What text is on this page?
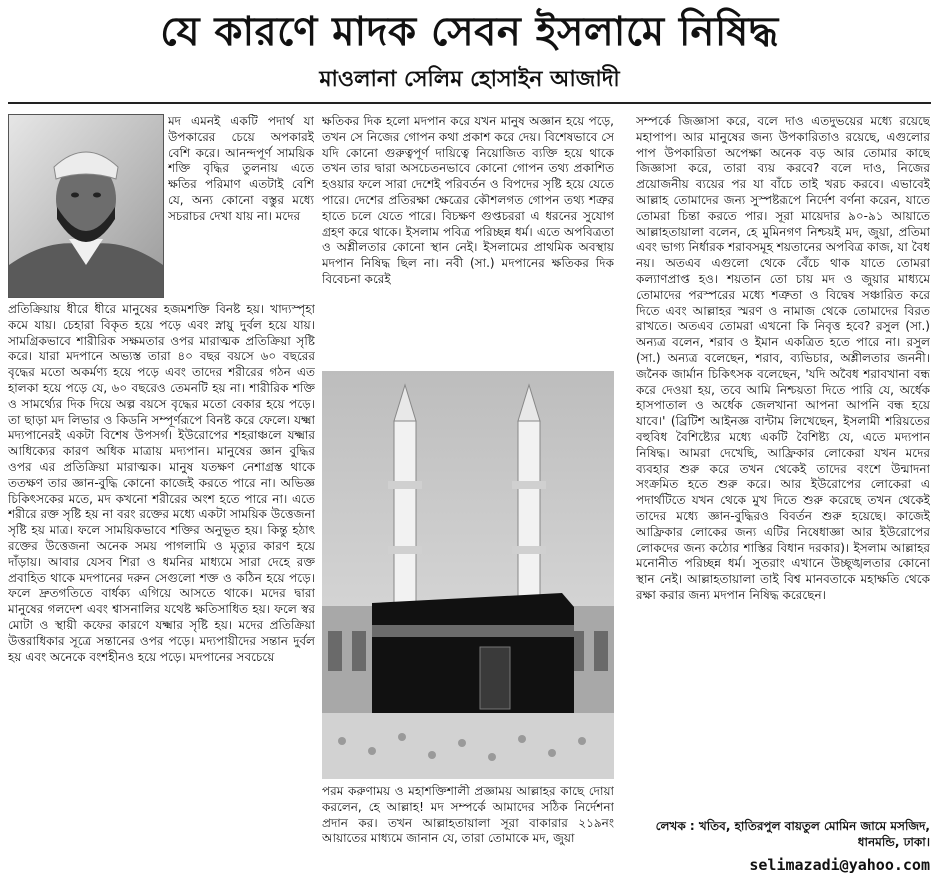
যে কারণে মাদক সেবন ইসলামে নিষিদ্ধ
মাওলানা সেলিম হোসাইন আজাদী
মদ এমনই একটি পদার্থ যা উপকারের চেয়ে অপকারই বেশি করে। আনন্দপূর্ণ সাময়িক শক্তি বৃদ্ধির তুলনায় এতে ক্ষতির পরিমাণ এতটাই বেশি যে, অন্য কোনো বস্তুর মধ্যে সচরাচর দেখা যায় না। মদের
প্রতিক্রিয়ায় ধীরে ধীরে মানুষের হজমশক্তি বিনষ্ট হয়। খাদ্যস্পৃহা কমে যায়। চেহারা বিকৃত হয়ে পড়ে এবং স্নায়ু দুর্বল হয়ে যায়। সামগ্রিকভাবে শারীরিক সক্ষমতার ওপর মারাত্মক প্রতিক্রিয়া সৃষ্টি করে। যারা মদপানে অভ্যস্ত তারা ৪০ বছর বয়সে ৬০ বছরের বৃদ্ধের মতো অকর্মণ্য হয়ে পড়ে এবং তাদের শরীরের গঠন এত হালকা হয়ে পড়ে যে, ৬০ বছরেও তেমনটি হয় না। শারীরিক শক্তি ও সামর্থ্যের দিক দিয়ে অল্প বয়সে বৃদ্ধের মতো বেকার হয়ে পড়ে। তা ছাড়া মদ লিভার ও কিডনি সম্পূর্ণরূপে বিনষ্ট করে ফেলে। যক্ষ্মা মদ্যপানেরই একটা বিশেষ উপসর্গ। ইউরোপের শহরাঞ্চলে যক্ষ্মার আধিক্যের কারণ অধিক মাত্রায় মদ্যপান। মানুষের জ্ঞান বুদ্ধির ওপর এর প্রতিক্রিয়া মারাত্মক। মানুষ যতক্ষণ নেশাগ্রস্ত থাকে ততক্ষণ তার জ্ঞান-বুদ্ধি কোনো কাজেই করতে পারে না। অভিজ্ঞ চিকিৎসকের মতে, মদ কখনো শরীরের অংশ হতে পারে না। এতে শরীরে রক্ত সৃষ্টি হয় না বরং রক্তের মধ্যে একটা সাময়িক উত্তেজনা সৃষ্টি হয় মাত্র। ফলে সাময়িকভাবে শক্তির অনুভূত হয়। কিন্তু হঠাৎ রক্তের উত্তেজনা অনেক সময় পাগলামি ও মৃত্যুর কারণ হয়ে দাঁড়ায়। আবার যেসব শিরা ও ধমনির মাধ্যমে সারা দেহে রক্ত প্রবাহিত থাকে মদপানের দরুন সেগুলো শক্ত ও কঠিন হয়ে পড়ে। ফলে দ্রুতগতিতে বার্ধক্য এগিয়ে আসতে থাকে। মদের দ্বারা মানুষের গলদেশ এবং শ্বাসনালির যথেষ্ট ক্ষতিসাধিত হয়। ফলে স্বর মোটা ও স্থায়ী কফের কারণে যক্ষ্মার সৃষ্টি হয়। মদের প্রতিক্রিয়া উত্তরাধিকার সূত্রে সন্তানের ওপর পড়ে। মদ্যপায়ীদের সন্তান দুর্বল হয় এবং অনেকে বংশহীনও হয়ে পড়ে। মদপানের সবচেয়ে
ক্ষতিকর দিক হলো মদপান করে যখন মানুষ অজ্ঞান হয়ে পড়ে, তখন সে নিজের গোপন কথা প্রকাশ করে দেয়। বিশেষভাবে সে যদি কোনো গুরুত্বপূর্ণ দায়িত্বে নিয়োজিত ব্যক্তি হয়ে থাকে তখন তার দ্বারা অসচেতনভাবে কোনো গোপন তথ্য প্রকাশিত হওয়ার ফলে সারা দেশেই পরিবর্তন ও বিপদের সৃষ্টি হয়ে যেতে পারে। দেশের প্রতিরক্ষা ক্ষেত্রের কৌশলগত গোপন তথ্য শত্রুর হাতে চলে যেতে পারে। বিচক্ষণ গুপ্তচররা এ ধরনের সুযোগ গ্রহণ করে থাকে। ইসলাম পবিত্র পরিচ্ছন্ন ধর্ম। এতে অপবিত্রতা ও অশ্লীলতার কোনো স্থান নেই। ইসলামের প্রাথমিক অবস্থায় মদপান নিষিদ্ধ ছিল না। নবী (সা.) মদপানের ক্ষতিকর দিক বিবেচনা করেই
পরম করুণাময় ও মহাশক্তিশালী প্রজ্ঞাময় আল্লাহর কাছে দোয়া করলেন, হে আল্লাহ! মদ সম্পর্কে আমাদের সঠিক নির্দেশনা প্রদান কর। তখন আল্লাহতায়ালা সূরা বাকারার ২১৯নং আয়াতের মাধ্যমে জানান যে, তারা তোমাকে মদ, জুয়া
সম্পর্কে জিজ্ঞাসা করে, বলে দাও এতদুভয়ের মধ্যে রয়েছে মহাপাপ। আর মানুষের জন্য উপকারিতাও রয়েছে, এগুলোর পাপ উপকারিতা অপেক্ষা অনেক বড় আর তোমার কাছে জিজ্ঞাসা করে, তারা ব্যয় করবে? বলে দাও, নিজের প্রয়োজনীয় ব্যয়ের পর যা বাঁচে তাই খরচ করবে। এভাবেই আল্লাহ তোমাদের জন্য সুস্পষ্টরূপে নির্দেশ বর্ণনা করেন, যাতে তোমরা চিন্তা করতে পার। সূরা মায়েদার ৯০-৯১ আয়াতে আল্লাহতায়ালা বলেন, হে মুমিনগণ নিশ্চয়ই মদ, জুয়া, প্রতিমা এবং ভাগ্য নির্ধারক শরাবসমূহ শয়তানের অপবিত্র কাজ, যা বৈধ নয়। অতএব এগুলো থেকে বেঁচে থাক যাতে তোমরা কল্যাণপ্রাপ্ত হও। শয়তান তো চায় মদ ও জুয়ার মাধ্যমে তোমাদের পরস্পরের মধ্যে শত্রুতা ও বিদ্বেষ সঞ্চারিত করে দিতে এবং আল্লাহর স্মরণ ও নামাজ থেকে তোমাদের বিরত রাখতে। অতএব তোমরা এখনো কি নিবৃত্ত হবে? রসুল (সা.) অন্যত্র বলেন, শরাব ও ইমান একত্রিত হতে পারে না। রসুল (সা.) অন্যত্র বলেছেন, শরাব, ব্যভিচার, অশ্লীলতার জননী। জনৈক জার্মান চিকিৎসক বলেছেন, 'যদি অবৈধ শরাবখানা বন্ধ করে দেওয়া হয়, তবে আমি নিশ্চয়তা দিতে পারি যে, অর্ধেক হাসপাতাল ও অর্ধেক জেলখানা আপনা আপনি বন্ধ হয়ে যাবে।' (ব্রিটিশ আইনজ্ঞ বান্টাম লিখেছেন, ইসলামী শরিয়তের বহুবিধ বৈশিষ্ট্যের মধ্যে একটি বৈশিষ্ট্য যে, এতে মদ্যপান নিষিদ্ধ। আমরা দেখেছি, আফ্রিকার লোকেরা যখন মদের ব্যবহার শুরু করে তখন থেকেই তাদের বংশে উন্মাদনা সংক্রমিত হতে শুরু করে। আর ইউরোপের লোকেরা এ পদার্থটিতে যখন থেকে মুখ দিতে শুরু করেছে তখন থেকেই তাদের মধ্যে জ্ঞান-বুদ্ধিরও বিবর্তন শুরু হয়েছে। কাজেই আফ্রিকার লোকের জন্য এটির নিষেধাজ্ঞা আর ইউরোপের লোকদের জন্য কঠোর শাস্তির বিধান দরকার)। ইসলাম আল্লাহর মনোনীত পরিচ্ছন্ন ধর্ম। সুতরাং এখানে উচ্ছৃঙ্খলতার কোনো স্থান নেই। আল্লাহতায়ালা তাই বিশ্ব মানবতাকে মহাক্ষতি থেকে রক্ষা করার জন্য মদপান নিষিদ্ধ করেছেন।
লেখক : খতিব, হাতিরপুল বায়তুল মোমিন জামে মসজিদ, ধানমন্ডি, ঢাকা।
selimazadi@yahoo.com
